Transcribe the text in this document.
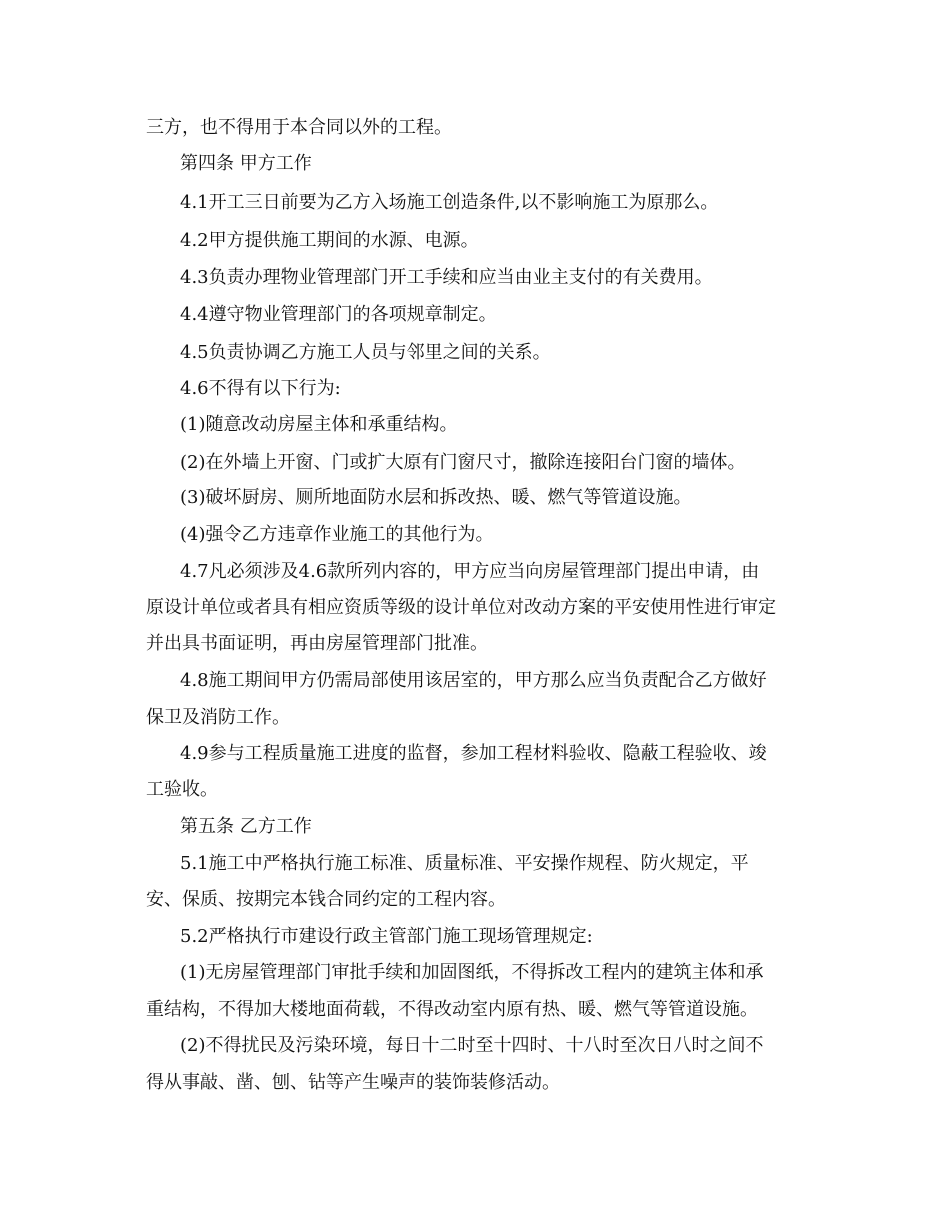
三方，也不得用于本合同以外的工程。
第四条 甲方工作
4.1开工三日前要为乙方入场施工创造条件,以不影响施工为原那么。
4.2甲方提供施工期间的水源、电源。
4.3负责办理物业管理部门开工手续和应当由业主支付的有关费用。
4.4遵守物业管理部门的各项规章制定。
4.5负责协调乙方施工人员与邻里之间的关系。
4.6不得有以下行为:
(1)随意改动房屋主体和承重结构。
(2)在外墙上开窗、门或扩大原有门窗尺寸，撤除连接阳台门窗的墙体。
(3)破坏厨房、厕所地面防水层和拆改热、暖、燃气等管道设施。
(4)强令乙方违章作业施工的其他行为。
4.7凡必须涉及4.6款所列内容的，甲方应当向房屋管理部门提出申请，由
原设计单位或者具有相应资质等级的设计单位对改动方案的平安使用性进行审定
并出具书面证明，再由房屋管理部门批准。
4.8施工期间甲方仍需局部使用该居室的，甲方那么应当负责配合乙方做好
保卫及消防工作。
4.9参与工程质量施工进度的监督，参加工程材料验收、隐蔽工程验收、竣
工验收。
第五条 乙方工作
5.1施工中严格执行施工标准、质量标准、平安操作规程、防火规定，平
安、保质、按期完本钱合同约定的工程内容。
5.2严格执行市建设行政主管部门施工现场管理规定:
(1)无房屋管理部门审批手续和加固图纸，不得拆改工程内的建筑主体和承
重结构，不得加大楼地面荷载，不得改动室内原有热、暖、燃气等管道设施。
(2)不得扰民及污染环境，每日十二时至十四时、十八时至次日八时之间不
得从事敲、凿、刨、钻等产生噪声的装饰装修活动。
